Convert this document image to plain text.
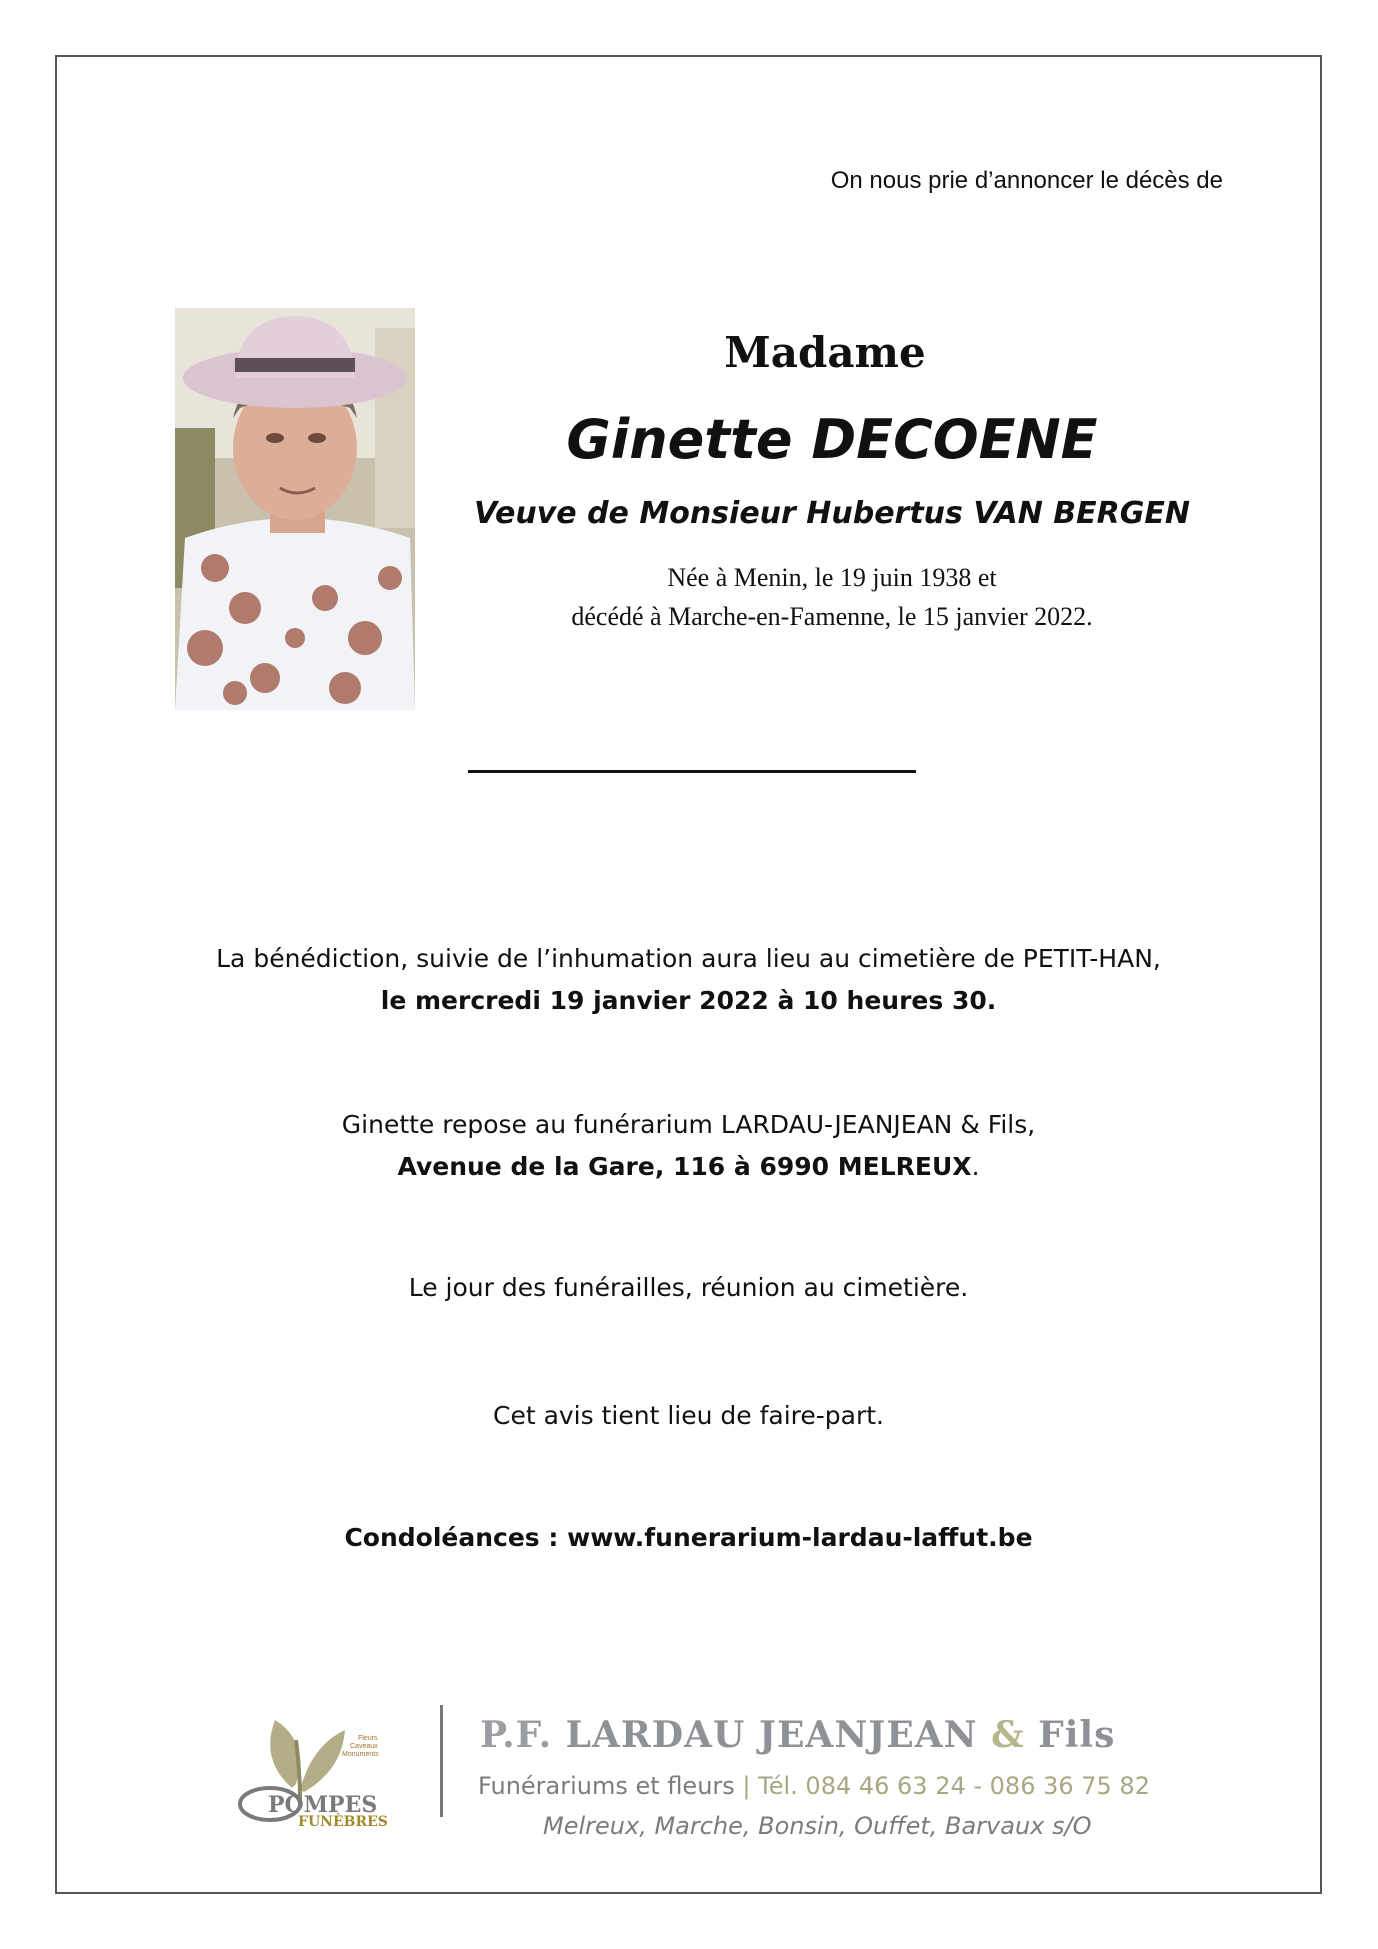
On nous prie d’annoncer le décès de
Madame
Ginette DECOENE
Veuve de Monsieur Hubertus VAN BERGEN
Née à Menin, le 19 juin 1938 et
décédé à Marche-en-Famenne, le 15 janvier 2022.
La bénédiction, suivie de l’inhumation aura lieu au cimetière de PETIT-HAN,
le mercredi 19 janvier 2022 à 10 heures 30.
Ginette repose au funérarium LARDAU-JEANJEAN & Fils,
Avenue de la Gare, 116 à 6990 MELREUX.
Le jour des funérailles, réunion au cimetière.
Cet avis tient lieu de faire-part.
Condoléances : www.funerarium-lardau-laffut.be
Fleurs
Caveaux
Monuments
POMPES
FUNÈBRES
P.F. LARDAU JEANJEAN & Fils
Funérariums et fleurs | Tél. 084 46 63 24 - 086 36 75 82
Melreux, Marche, Bonsin, Ouffet, Barvaux s/O
